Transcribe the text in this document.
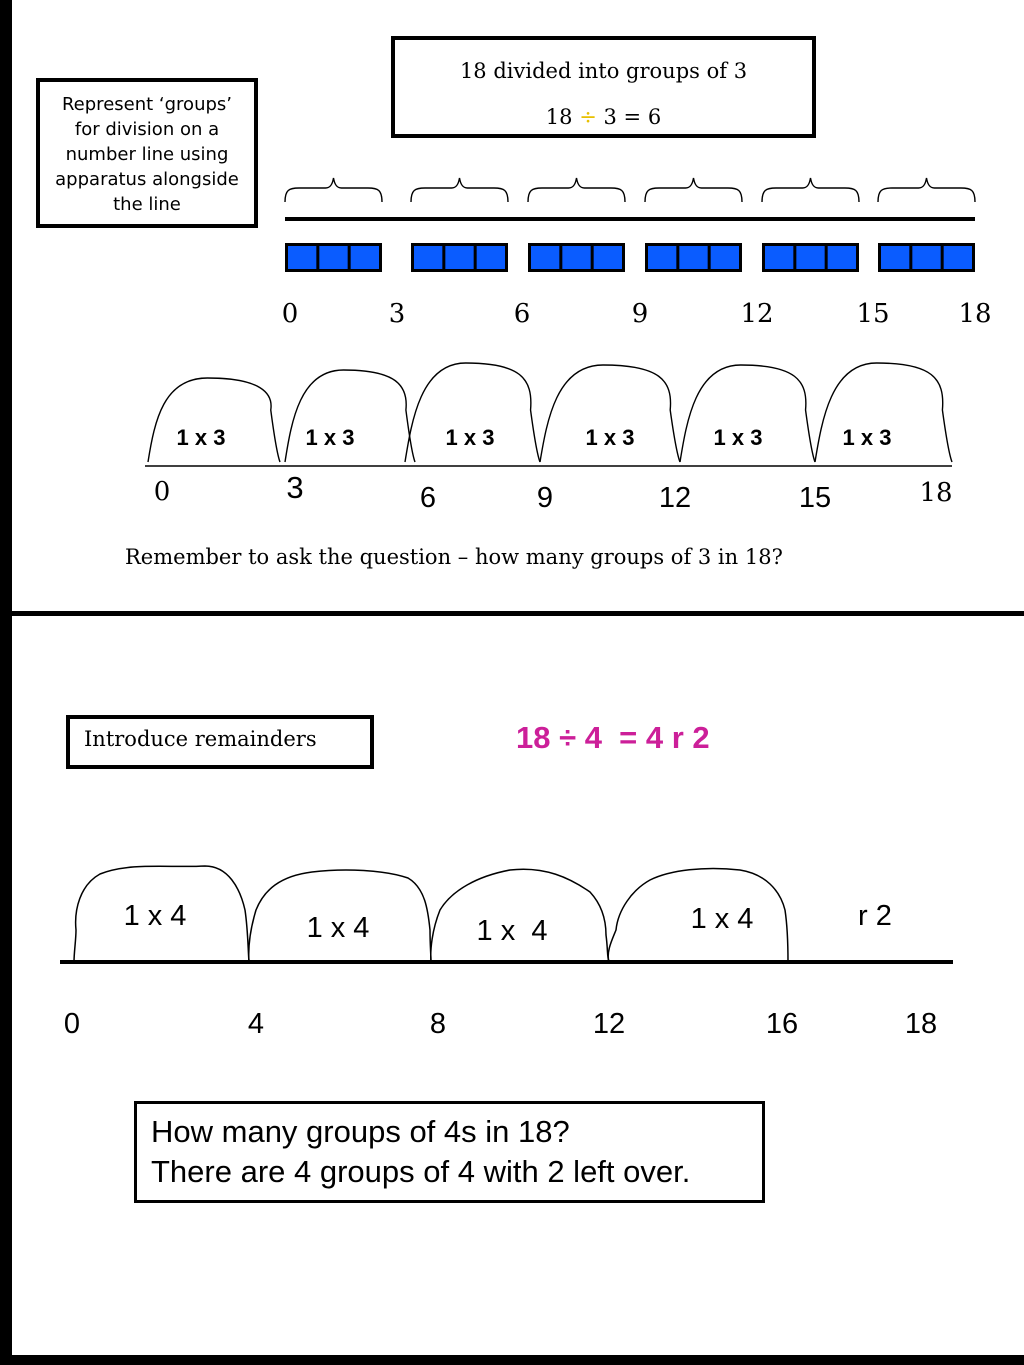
Represent ‘groups’ for division on a number line using apparatus alongside the line
18 divided into groups of 3
18 ÷ 3 = 6
0	3	6	9	12	15	18
1 x 3	1 x 3	1 x 3	1 x 3	1 x 3	1 x 3
0	3	6	9	12	15	18
Remember to ask the question – how many groups of 3 in 18?
Introduce remainders	18 ÷ 4  = 4 r 2
1 x 4	1 x 4	1 x  4	1 x 4	r 2
0	4	8	12	16	18
How many groups of 4s in 18?
There are 4 groups of 4 with 2 left over.
